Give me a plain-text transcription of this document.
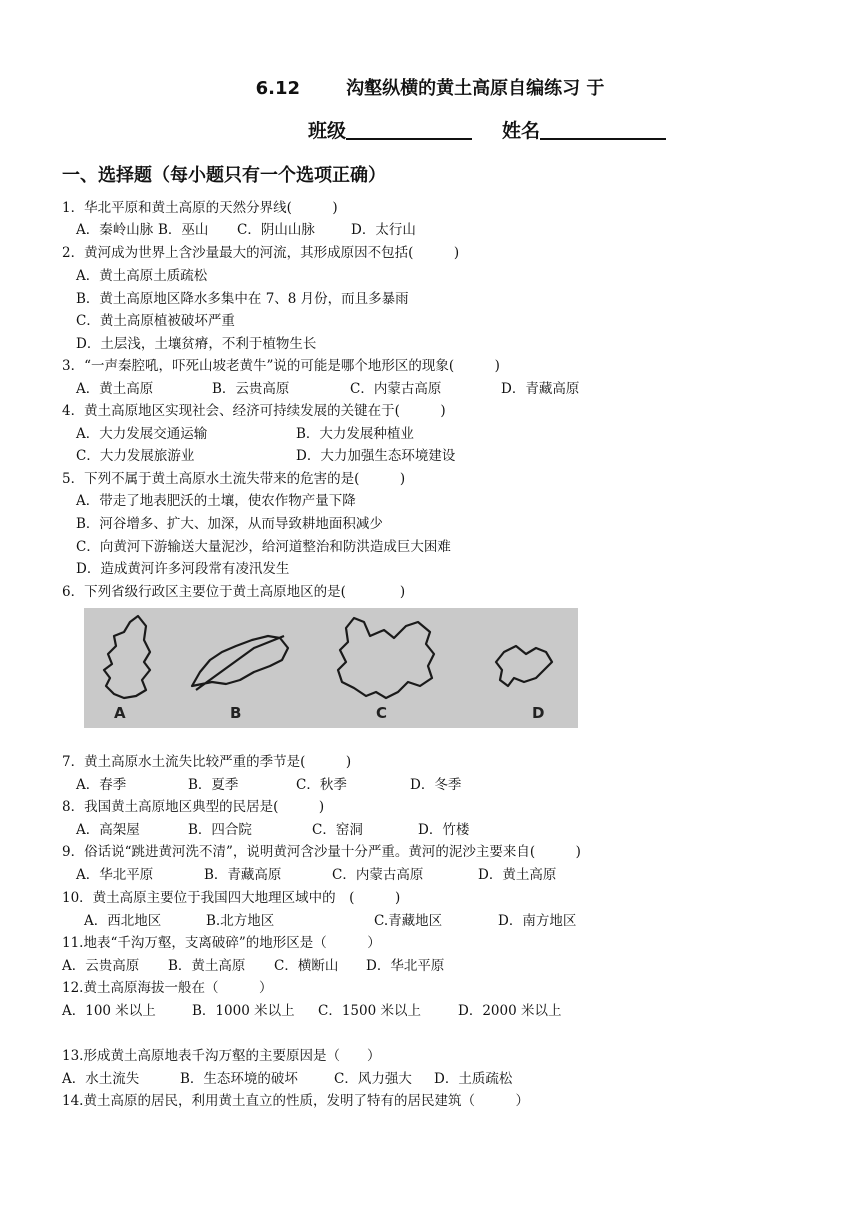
6.12	沟壑纵横的黄土高原自编练习 于
班级	姓名
一、选择题（每小题只有一个选项正确）
1．华北平原和黄土高原的天然分界线(　　　)
A．秦岭山脉 B．巫山 C．阴山山脉	D．太行山
2．黄河成为世界上含沙量最大的河流，其形成原因不包括(　　　)
A．黄土高原土质疏松
B．黄土高原地区降水多集中在 7、8 月份，而且多暴雨
C．黄土高原植被破坏严重
D．土层浅，土壤贫瘠，不利于植物生长
3．“一声秦腔吼，吓死山坡老黄牛”说的可能是哪个地形区的现象(　　　)
A．黄土高原	B．云贵高原	C．内蒙古高原	D．青藏高原
4．黄土高原地区实现社会、经济可持续发展的关键在于(　　　)
A．大力发展交通运输	B．大力发展种植业
C．大力发展旅游业	D．大力加强生态环境建设
5．下列不属于黄土高原水土流失带来的危害的是(　　　)
A．带走了地表肥沃的土壤，使农作物产量下降
B．河谷增多、扩大、加深，从而导致耕地面积减少
C．向黄河下游输送大量泥沙，给河道整治和防洪造成巨大困难
D．造成黄河许多河段常有凌汛发生
6．下列省级行政区主要位于黄土高原地区的是(　　　　)
A	B	C	D
7．黄土高原水土流失比较严重的季节是(　　　)
A．春季	B．夏季	C．秋季	D．冬季
8．我国黄土高原地区典型的民居是(　　　)
A．高架屋	B．四合院	C．窑洞	D．竹楼
9．俗话说“跳进黄河洗不清”，说明黄河含沙量十分严重。黄河的泥沙主要来自(　　　)
A．华北平原	B．青藏高原	C．内蒙古高原	D．黄土高原
10．黄土高原主要位于我国四大地理区域中的　(　　　)
A．西北地区	B.北方地区	C.青藏地区	D．南方地区
11.地表“千沟万壑，支离破碎”的地形区是（　　　）
A．云贵高原 B．黄土高原 C．横断山 D．华北平原
12.黄土高原海拔一般在（　　　）
A．100 米以上	B．1000 米以上 C．1500 米以上	D．2000 米以上
13.形成黄土高原地表千沟万壑的主要原因是（　　）
A．水土流失	B．生态环境的破坏	C．风力强大 D．土质疏松
14.黄土高原的居民，利用黄土直立的性质，发明了特有的居民建筑（　　　）
